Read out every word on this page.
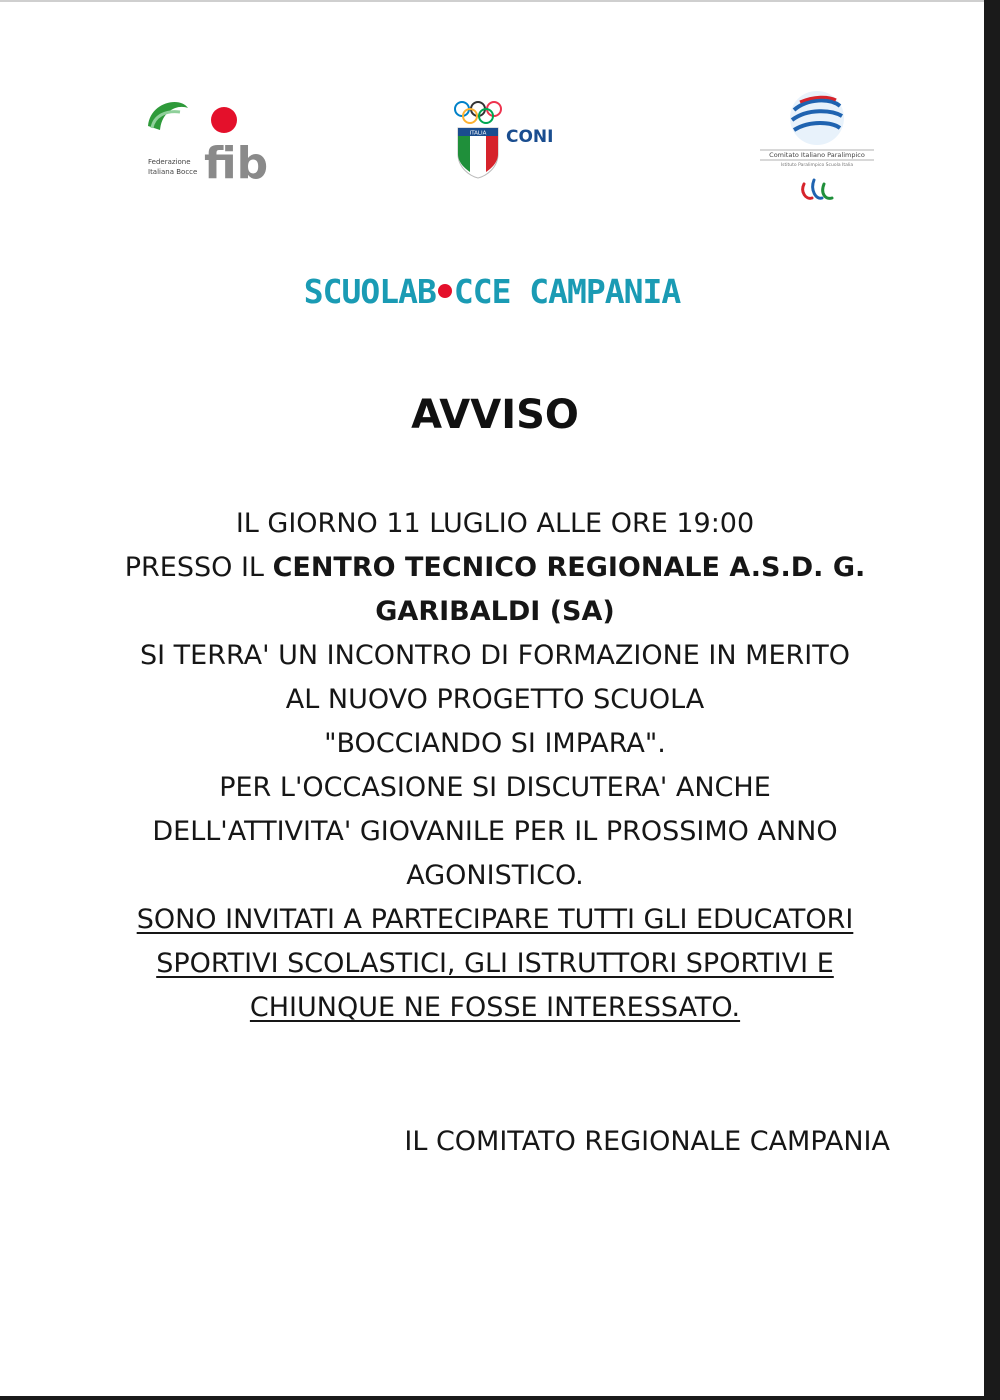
Federazione
Italiana Bocce fib
ITALIA CONI
Comitato Italiano Paralimpico
Istituto Paralimpico Scuola Italia
SCUOLAB CCE CAMPANIA
AVVISO

IL GIORNO 11 LUGLIO ALLE ORE 19:00

PRESSO IL CENTRO TECNICO REGIONALE A.S.D. G.

GARIBALDI (SA)

SI TERRA' UN INCONTRO DI FORMAZIONE IN MERITO

AL NUOVO PROGETTO SCUOLA

"BOCCIANDO SI IMPARA".

PER L'OCCASIONE SI DISCUTERA' ANCHE

DELL'ATTIVITA' GIOVANILE PER IL PROSSIMO ANNO

AGONISTICO.

SONO INVITATI A PARTECIPARE TUTTI GLI EDUCATORI

SPORTIVI SCOLASTICI, GLI ISTRUTTORI SPORTIVI E

CHIUNQUE NE FOSSE INTERESSATO.

IL COMITATO REGIONALE CAMPANIA
